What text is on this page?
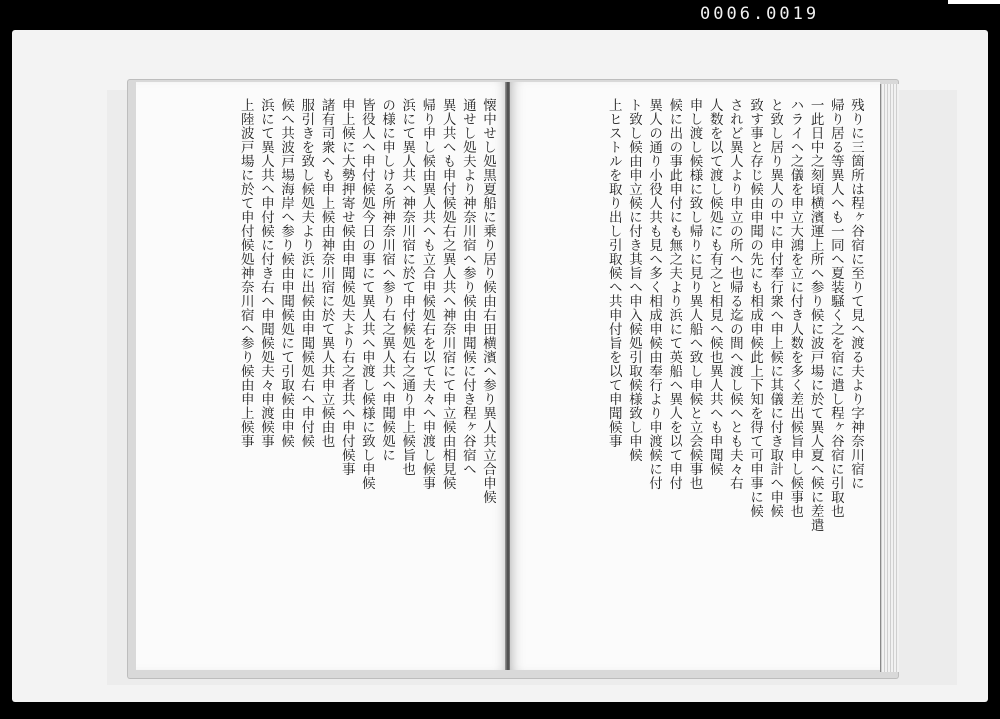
0006.0019
懐中せし処黒夏船に乗り居り候由右田横濱へ参り異人共立合申候
通せし処夫より神奈川宿へ参り候由申聞候に付き程ヶ谷宿へ
異人共へも申付候処右之異人共へ神奈川宿にて申立候由相見候
帰り申し候由異人共へも立合申候処右を以て夫々へ申渡し候事
浜にて異人共へ神奈川宿に於て申付候処右之通り申上候旨也
の様に申しける所神奈川宿へ参り右之異人共へ申聞候処に
皆役人へ申付候処今日の事にて異人共へ申渡し候様に致し申候
申上候に大勢押寄せ候由申聞候処夫より右之者共へ申付候事
諸有司衆へも申上候由神奈川宿に於て異人共申立候由也
服引きを致し候処夫より浜に出候由申聞候処右へ申付候
候へ共波戸場海岸へ参り候由申聞候処にて引取候由申候
浜にて異人共へ申付候に付き右へ申聞候処夫々申渡候事
上陸波戸場に於て申付候処神奈川宿へ参り候由申上候事	残りに三箇所は程ヶ谷宿に至りて見へ渡る夫より字神奈川宿に
帰り居る等異人へも一同へ夏装騒く之を宿に遣し程ヶ谷宿に引取也
一此日中之刻頃横濱運上所へ参り候に波戸場に於て異人夏へ候に差遣
ハライヘ之儀を申立大鴻を立に付き人数を多く差出候旨申し候事也
と致し居り異人の中に申付奉行衆へ申上候に其儀に付き取計へ申候
致す事と存じ候由申聞の先にも相成申候此上下知を得て可申事に候
されど異人より申立の所へ也帰る迄の間へ渡し候へとも夫々右
人数を以て渡し候処にも有之と相見へ候也異人共へも申聞候
申し渡し候様に致し帰りに見り異人船へ致し申候と立会候事也
候に出の事此申付にも無之夫より浜にて英船へ異人を以て申付
異人の通り小役人共も見へ多く相成申候由奉行より申渡候に付
ト致し候由申立候に付き其旨へ申入候処引取候様致し申候
上ヒストルを取り出し引取候へ共申付旨を以て申聞候事
